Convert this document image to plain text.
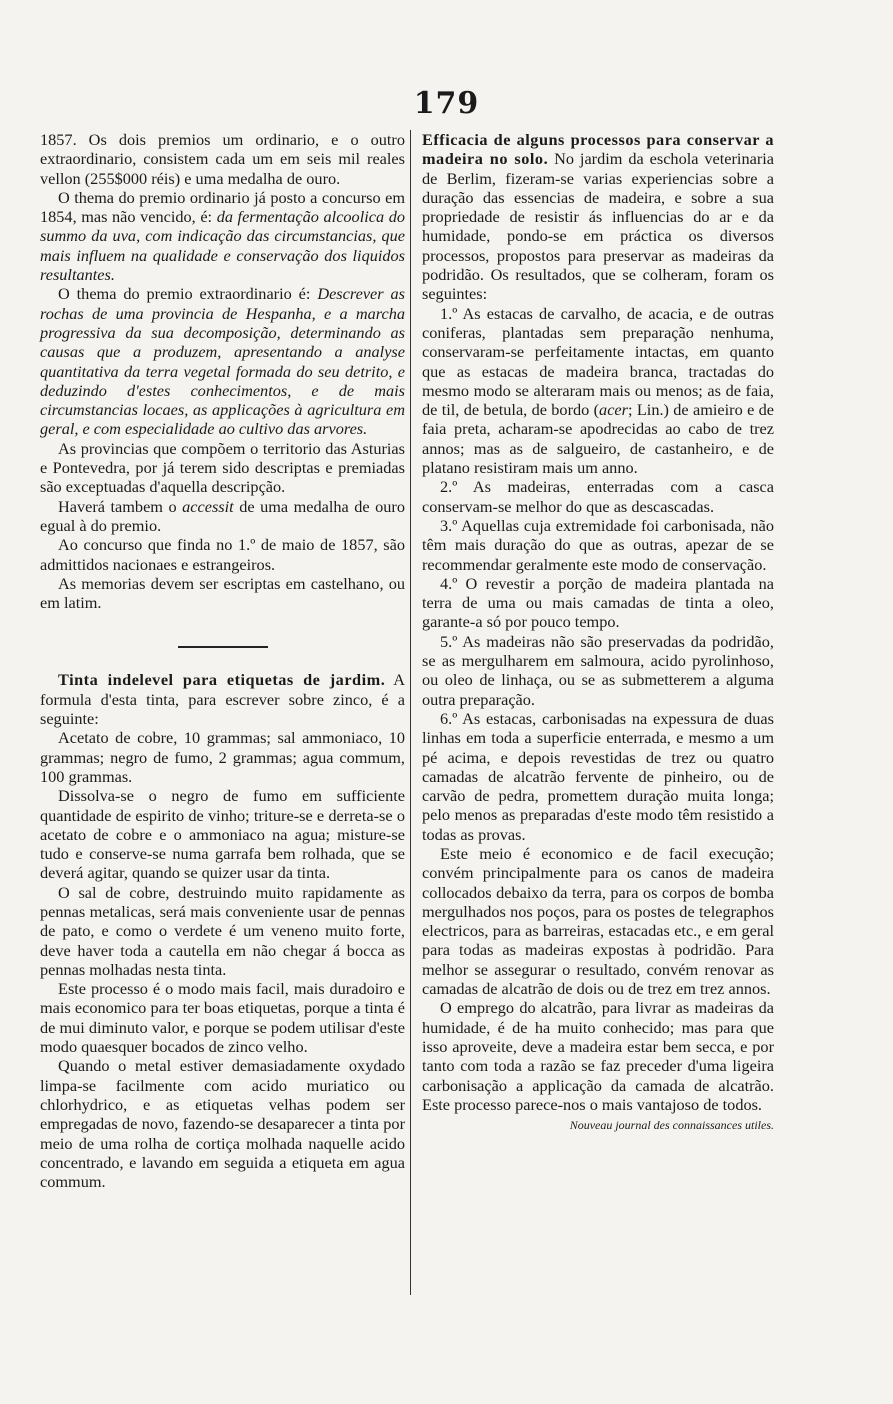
179

1857. Os dois premios um ordinario, e o outro extraordinario, consistem cada um em seis mil reales vellon (255$000 réis) e uma medalha de ouro.

O thema do premio ordinario já posto a concurso em 1854, mas não vencido, é: da fermentação alcoolica do summo da uva, com indicação das circumstancias, que mais influem na qualidade e conservação dos liquidos resultantes.

O thema do premio extraordinario é: Descrever as rochas de uma provincia de Hespanha, e a marcha progressiva da sua decomposição, determinando as causas que a produzem, apresentando a analyse quantitativa da terra vegetal formada do seu detrito, e deduzindo d'estes conhecimentos, e de mais circumstancias locaes, as applicações à agricultura em geral, e com especialidade ao cultivo das arvores.

As provincias que compõem o territorio das Asturias e Pontevedra, por já terem sido descriptas e premiadas são exceptuadas d'aquella descripção.

Haverá tambem o accessit de uma medalha de ouro egual à do premio.

Ao concurso que finda no 1.º de maio de 1857, são admittidos nacionaes e estrangeiros.

As memorias devem ser escriptas em castelhano, ou em latim.

Tinta indelevel para etiquetas de jardim. A formula d'esta tinta, para escrever sobre zinco, é a seguinte:

Acetato de cobre, 10 grammas; sal ammoniaco, 10 grammas; negro de fumo, 2 grammas; agua commum, 100 grammas.

Dissolva-se o negro de fumo em sufficiente quantidade de espirito de vinho; triture-se e derreta-se o acetato de cobre e o ammoniaco na agua; misture-se tudo e conserve-se numa garrafa bem rolhada, que se deverá agitar, quando se quizer usar da tinta.

O sal de cobre, destruindo muito rapidamente as pennas metalicas, será mais conveniente usar de pennas de pato, e como o verdete é um veneno muito forte, deve haver toda a cautella em não chegar á bocca as pennas molhadas nesta tinta.

Este processo é o modo mais facil, mais duradoiro e mais economico para ter boas etiquetas, porque a tinta é de mui diminuto valor, e porque se podem utilisar d'este modo quaesquer bocados de zinco velho.

Quando o metal estiver demasiadamente oxydado limpa-se facilmente com acido muriatico ou chlorhydrico, e as etiquetas velhas podem ser empregadas de novo, fazendo-se desaparecer a tinta por meio de uma rolha de cortiça molhada naquelle acido concentrado, e lavando em seguida a etiqueta em agua commum.

Efficacia de alguns processos para conservar a madeira no solo. No jardim da eschola veterinaria de Berlim, fizeram-se varias experiencias sobre a duração das essencias de madeira, e sobre a sua propriedade de resistir ás influencias do ar e da humidade, pondo-se em práctica os diversos processos, propostos para preservar as madeiras da podridão. Os resultados, que se colheram, foram os seguintes:

1.º As estacas de carvalho, de acacia, e de outras coniferas, plantadas sem preparação nenhuma, conservaram-se perfeitamente intactas, em quanto que as estacas de madeira branca, tractadas do mesmo modo se alteraram mais ou menos; as de faia, de til, de betula, de bordo (acer; Lin.) de amieiro e de faia preta, acharam-se apodrecidas ao cabo de trez annos; mas as de salgueiro, de castanheiro, e de platano resistiram mais um anno.

2.º As madeiras, enterradas com a casca conservam-se melhor do que as descascadas.

3.º Aquellas cuja extremidade foi carbonisada, não têm mais duração do que as outras, apezar de se recommendar geralmente este modo de conservação.

4.º O revestir a porção de madeira plantada na terra de uma ou mais camadas de tinta a oleo, garante-a só por pouco tempo.

5.º As madeiras não são preservadas da podridão, se as mergulharem em salmoura, acido pyrolinhoso, ou oleo de linhaça, ou se as submetterem a alguma outra preparação.

6.º As estacas, carbonisadas na expessura de duas linhas em toda a superficie enterrada, e mesmo a um pé acima, e depois revestidas de trez ou quatro camadas de alcatrão fervente de pinheiro, ou de carvão de pedra, promettem duração muita longa; pelo menos as preparadas d'este modo têm resistido a todas as provas.

Este meio é economico e de facil execução; convém principalmente para os canos de madeira collocados debaixo da terra, para os corpos de bomba mergulhados nos poços, para os postes de telegraphos electricos, para as barreiras, estacadas etc., e em geral para todas as madeiras expostas à podridão. Para melhor se assegurar o resultado, convém renovar as camadas de alcatrão de dois ou de trez em trez annos.

O emprego do alcatrão, para livrar as madeiras da humidade, é de ha muito conhecido; mas para que isso aproveite, deve a madeira estar bem secca, e por tanto com toda a razão se faz preceder d'uma ligeira carbonisação a applicação da camada de alcatrão. Este processo parece-nos o mais vantajoso de todos.

Nouveau journal des connaissances utiles.
